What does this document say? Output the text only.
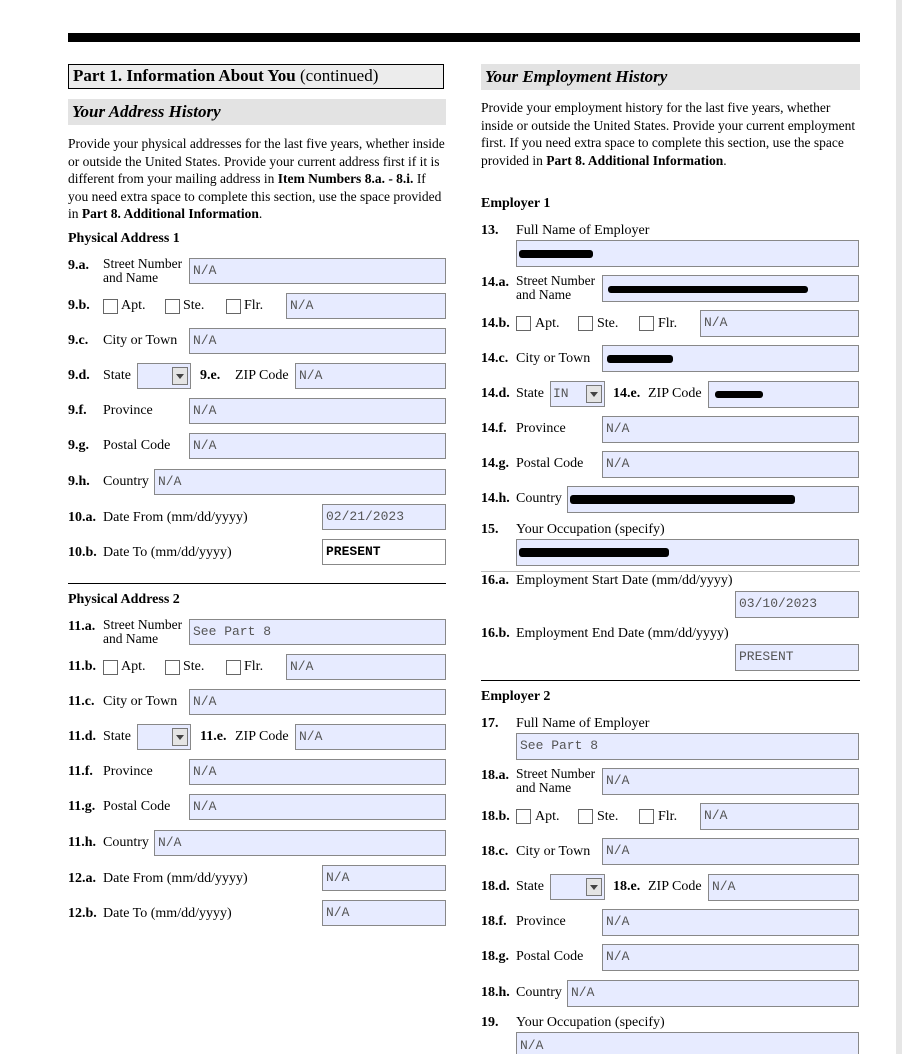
Part 1. Information About You (continued)
Your Address History

Provide your physical addresses for the last five years, whether inside or outside the United States. Provide your current address first if it is different from your mailing address in Item Numbers 8.a. - 8.i. If you need extra space to complete this section, use the space provided in Part 8. Additional Information.

Physical Address 1
9.a. Street Number
and Name	N/A
9.b. Apt.	Ste.	Flr.	N/A
9.c. City or Town	N/A
9.d. State	9.e. ZIP Code N/A
9.f. Province	N/A
9.g. Postal Code	N/A
9.h. Country N/A
10.a. Date From (mm/dd/yyyy)	02/21/2023
10.b. Date To (mm/dd/yyyy)	PRESENT
Physical Address 2
11.a. Street Number
and Name	See Part 8
11.b. Apt.	Ste.	Flr.	N/A
11.c. City or Town	N/A
11.d. State	11.e. ZIP Code N/A
11.f. Province	N/A
11.g. Postal Code	N/A
11.h. Country N/A
12.a. Date From (mm/dd/yyyy)	N/A
12.b. Date To (mm/dd/yyyy)	N/A
Your Employment History

Provide your employment history for the last five years, whether inside or outside the United States. Provide your current employment first. If you need extra space to complete this section, use the space provided in Part 8. Additional Information.

Employer 1
13. Full Name of Employer
14.a. Street Number
and Name
14.b. Apt.	Ste.	Flr.	N/A
14.c. City or Town
14.d. State IN	14.e. ZIP Code
14.f. Province	N/A
14.g. Postal Code	N/A
14.h. Country
15. Your Occupation (specify)
16.a. Employment Start Date (mm/dd/yyyy)
03/10/2023
16.b. Employment End Date (mm/dd/yyyy)
PRESENT
Employer 2
17. Full Name of Employer
See Part 8
18.a. Street Number
and Name	N/A
18.b. Apt.	Ste.	Flr.	N/A
18.c. City or Town	N/A
18.d. State	18.e. ZIP Code N/A
18.f. Province	N/A
18.g. Postal Code	N/A
18.h. Country N/A
19. Your Occupation (specify)
N/A
